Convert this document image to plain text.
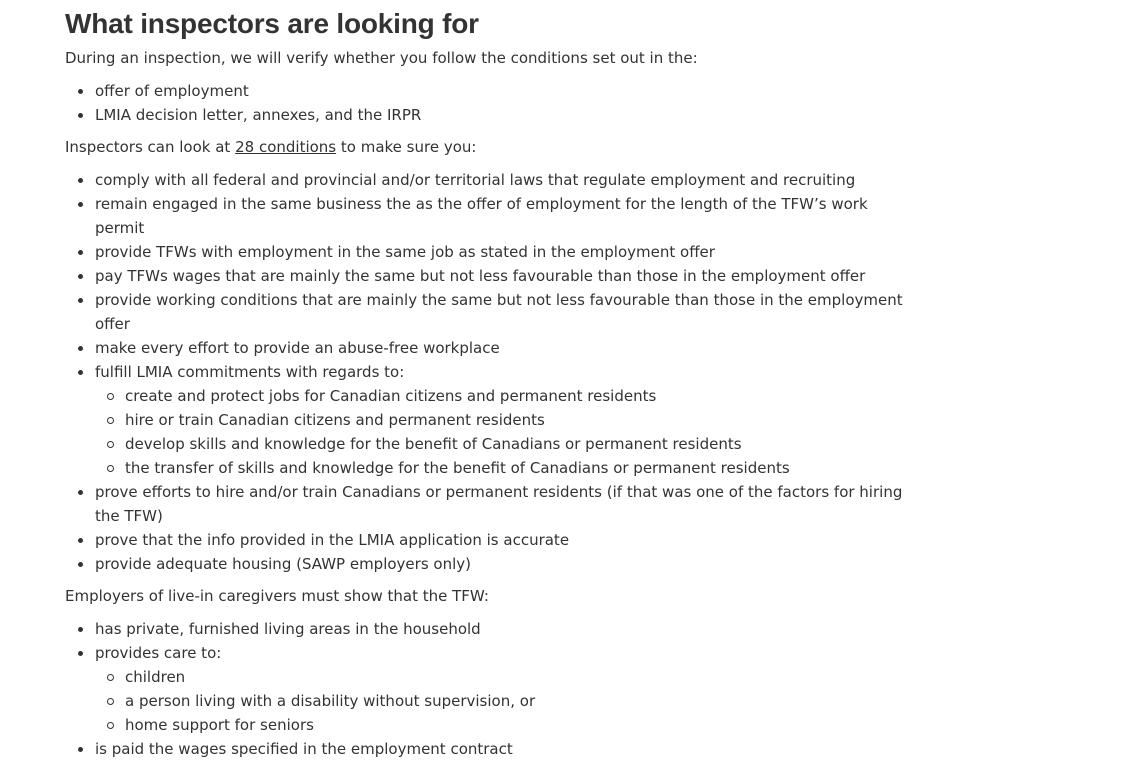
What inspectors are looking for

During an inspection, we will verify whether you follow the conditions set out in the:

offer of employment
LMIA decision letter, annexes, and the IRPR

Inspectors can look at 28 conditions to make sure you:

comply with all federal and provincial and/or territorial laws that regulate employment and recruiting
remain engaged in the same business the as the offer of employment for the length of the TFW’s work permit
provide TFWs with employment in the same job as stated in the employment offer
pay TFWs wages that are mainly the same but not less favourable than those in the employment offer
provide working conditions that are mainly the same but not less favourable than those in the employment offer
make every effort to provide an abuse-free workplace
fulfill LMIA commitments with regards to:
create and protect jobs for Canadian citizens and permanent residents
hire or train Canadian citizens and permanent residents
develop skills and knowledge for the benefit of Canadians or permanent residents
the transfer of skills and knowledge for the benefit of Canadians or permanent residents
prove efforts to hire and/or train Canadians or permanent residents (if that was one of the factors for hiring the TFW)
prove that the info provided in the LMIA application is accurate
provide adequate housing (SAWP employers only)

Employers of live-in caregivers must show that the TFW:

has private, furnished living areas in the household
provides care to:
children
a person living with a disability without supervision, or
home support for seniors
is paid the wages specified in the employment contract
